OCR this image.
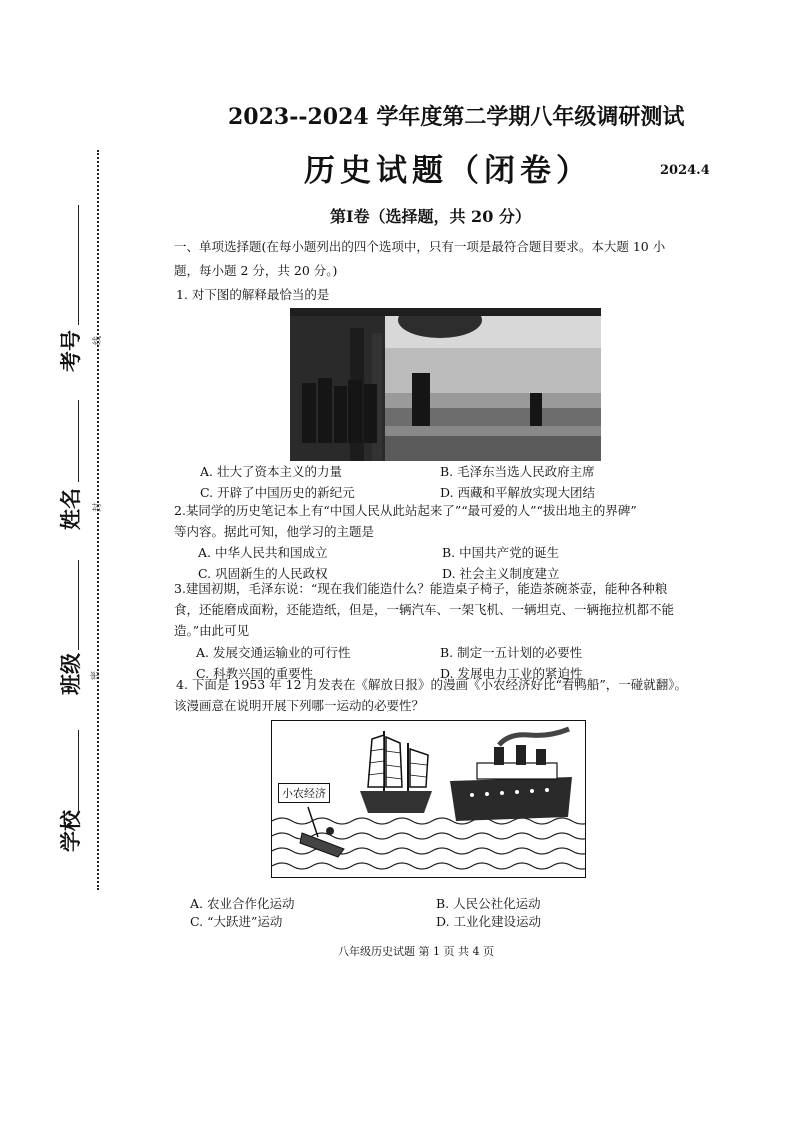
考号	线
姓名	封
班级 密
学校
2023--2024 学年度第二学期八年级调研测试
历史试题（闭卷）	2024.4
第Ⅰ卷（选择题，共 20 分）
一、单项选择题(在每小题列出的四个选项中，只有一项是最符合题目要求。本大题 10 小
题，每小题 2 分，共 20 分。)
1. 对下图的解释最恰当的是
A. 壮大了资本主义的力量	B. 毛泽东当选人民政府主席
C. 开辟了中国历史的新纪元	D. 西藏和平解放实现大团结
2.某同学的历史笔记本上有“中国人民从此站起来了”“最可爱的人”“拔出地主的界碑”
等内容。据此可知，他学习的主题是
A. 中华人民共和国成立	B. 中国共产党的诞生
C. 巩固新生的人民政权	D. 社会主义制度建立
3.建国初期，毛泽东说：“现在我们能造什么？能造桌子椅子，能造茶碗茶壶，能种各种粮
食，还能磨成面粉，还能造纸，但是，一辆汽车、一架飞机、一辆坦克、一辆拖拉机都不能
造。”由此可见
A. 发展交通运输业的可行性	B. 制定一五计划的必要性
C. 科教兴国的重要性	D. 发展电力工业的紧迫性
4. 下面是 1953 年 12 月发表在《解放日报》的漫画《小农经济好比“看鸭船”，一碰就翻》。
该漫画意在说明开展下列哪一运动的必要性？
小农经济
A. 农业合作化运动	B. 人民公社化运动
C. “大跃进”运动	D. 工业化建设运动
八年级历史试题 第 1 页 共 4 页
